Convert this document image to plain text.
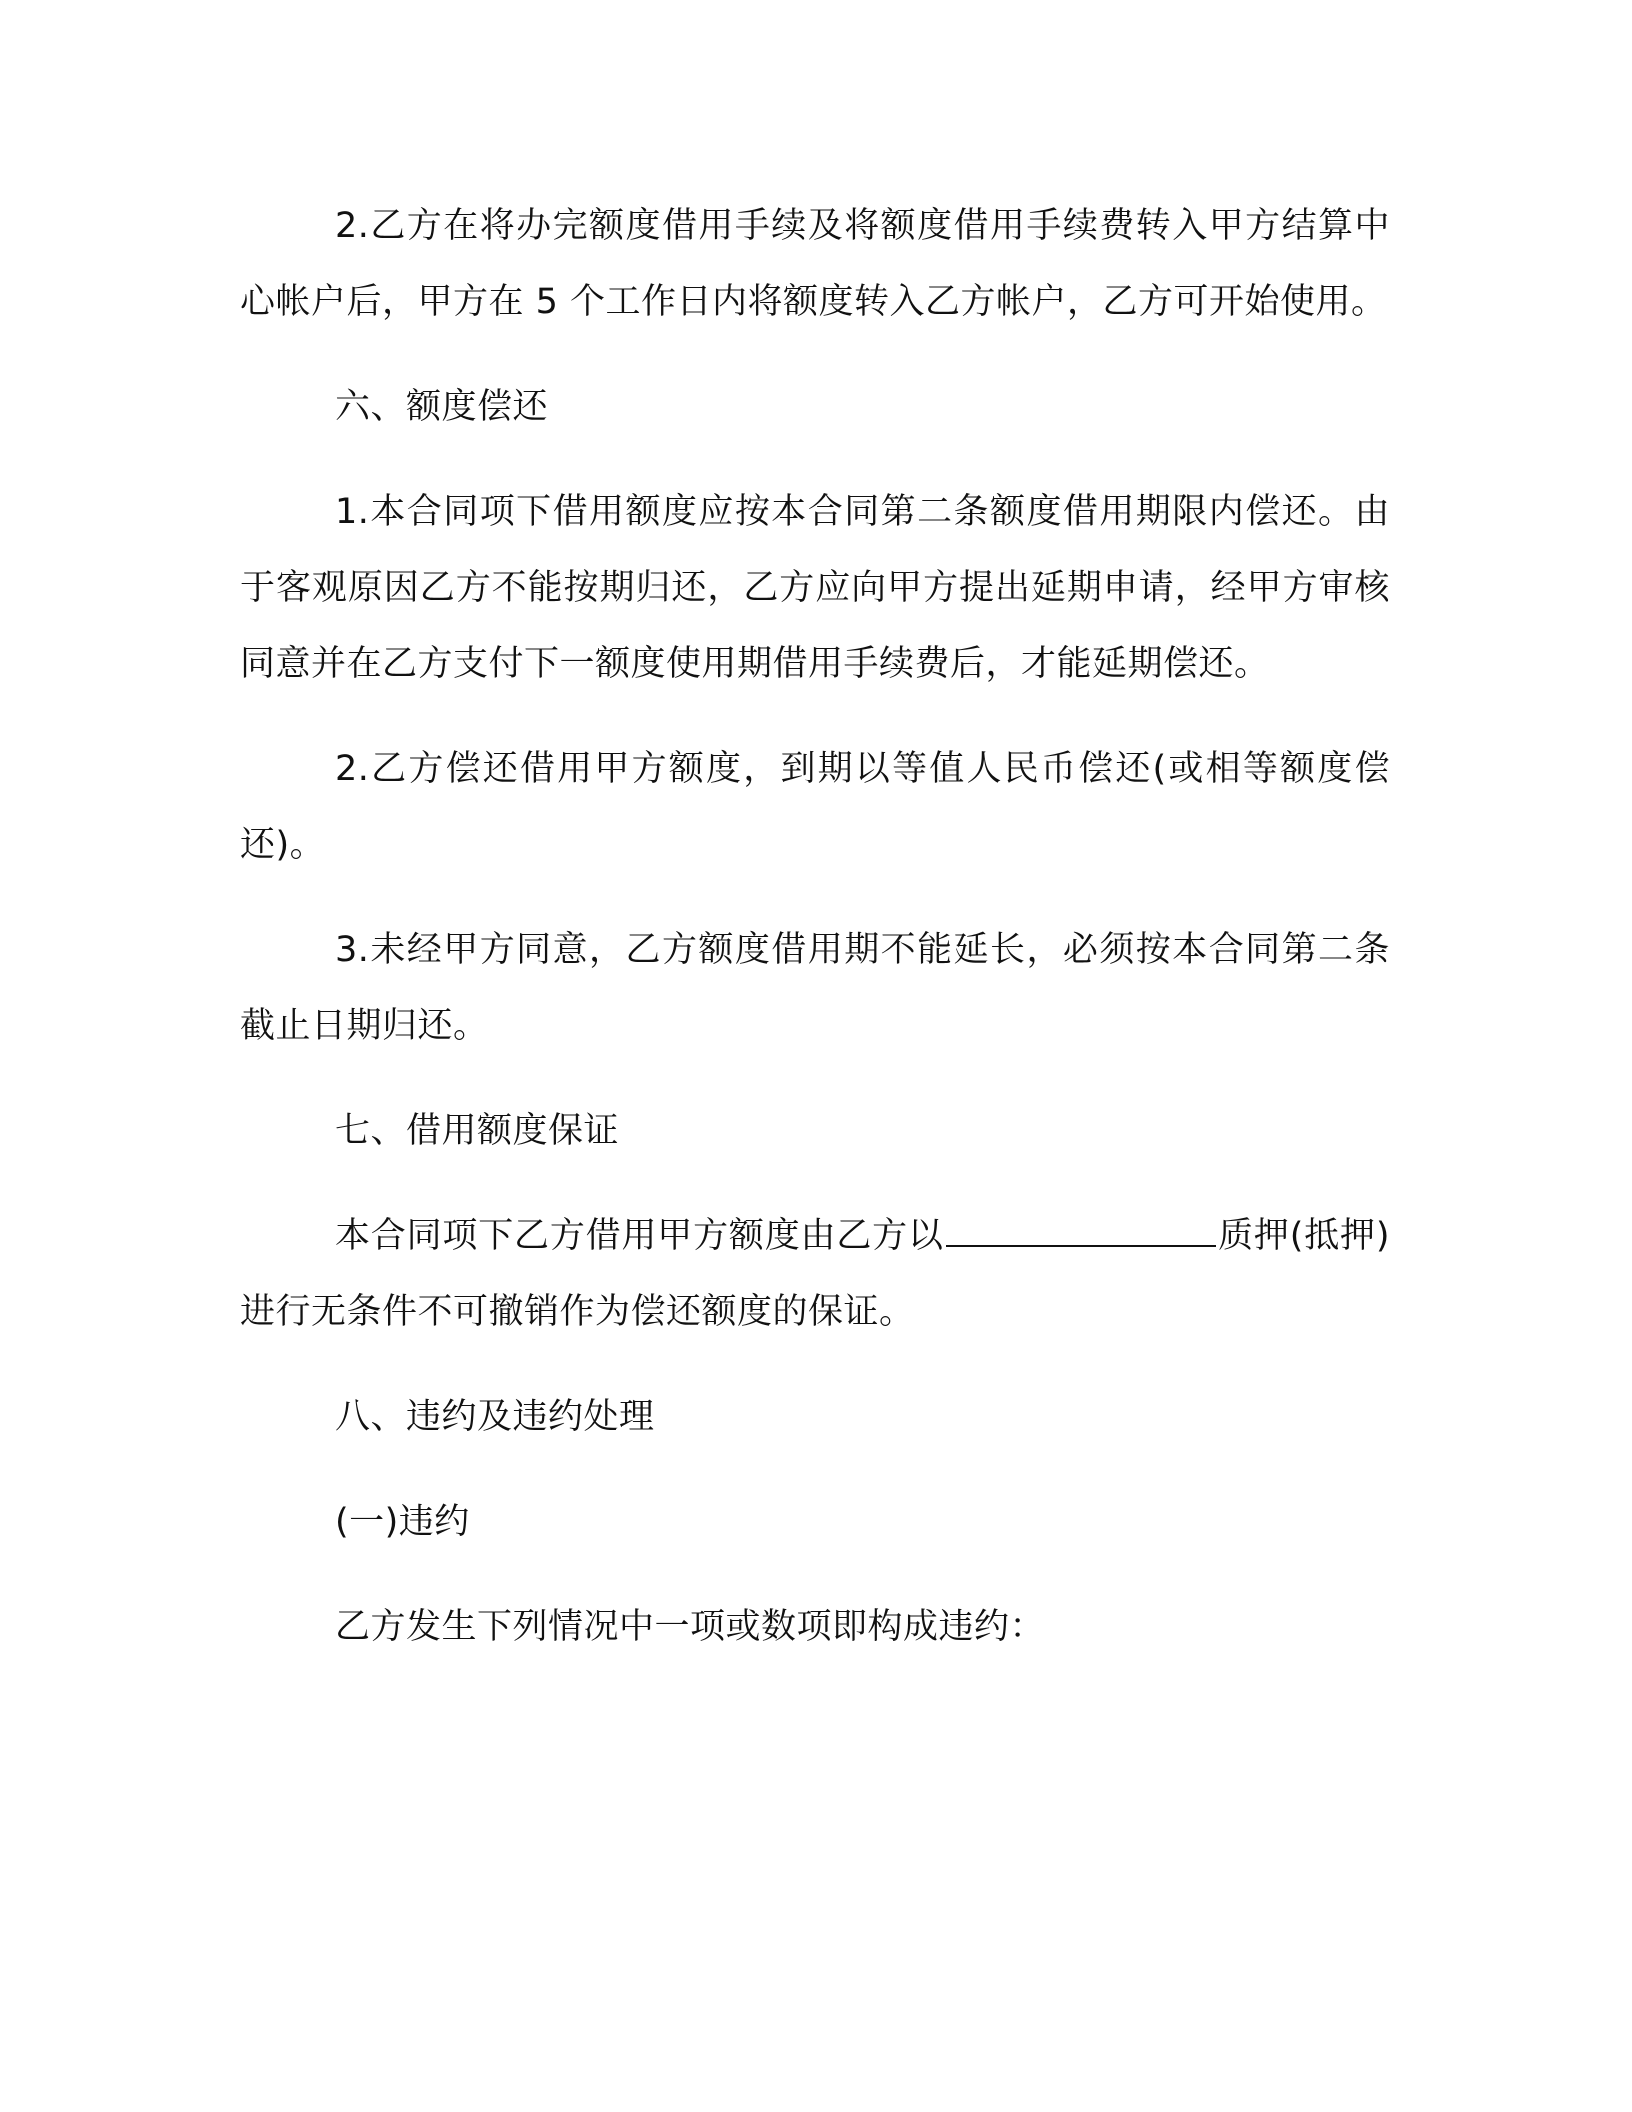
2.乙方在将办完额度借用手续及将额度借用手续费转入甲方结算中心帐户后，甲方在 5 个工作日内将额度转入乙方帐户，乙方可开始使用。

六、额度偿还

1.本合同项下借用额度应按本合同第二条额度借用期限内偿还。由于客观原因乙方不能按期归还，乙方应向甲方提出延期申请，经甲方审核同意并在乙方支付下一额度使用期借用手续费后，才能延期偿还。

2.乙方偿还借用甲方额度，到期以等值人民币偿还(或相等额度偿还)。

3.未经甲方同意，乙方额度借用期不能延长，必须按本合同第二条截止日期归还。

七、借用额度保证

本合同项下乙方借用甲方额度由乙方以	质押(抵押)进行无条件不可撤销作为偿还额度的保证。

八、违约及违约处理

(一)违约

乙方发生下列情况中一项或数项即构成违约：
